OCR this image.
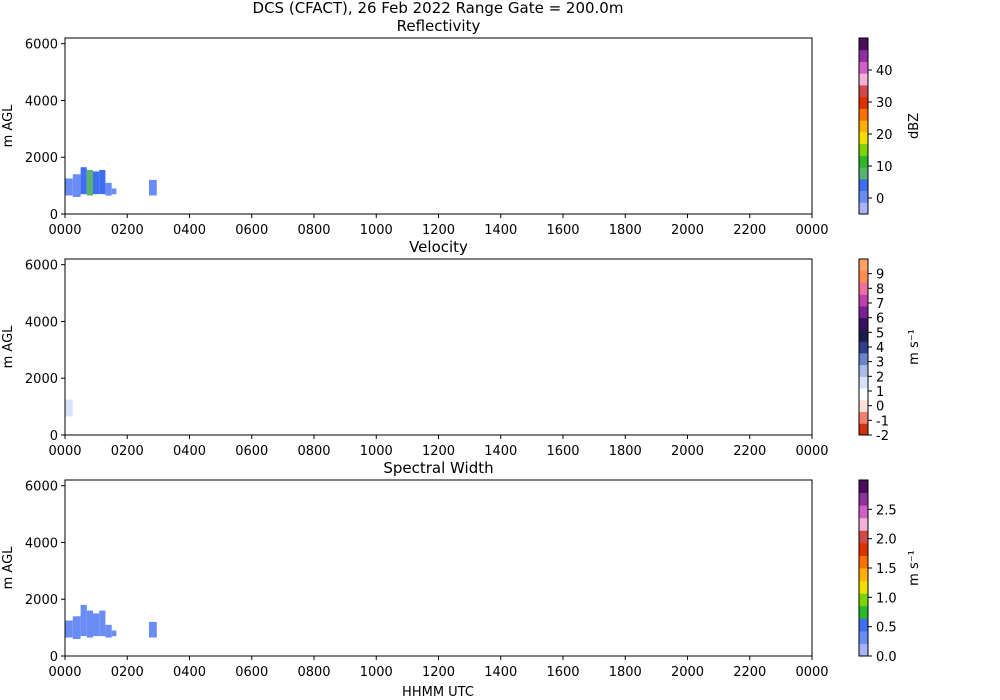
DCS (CFACT), 26 Feb 2022 Range Gate = 200.0m
HHMM UTC
Reflectivity
m AGL
0000 0200 0400 0600 0800 1000 1200 1400 1600 1800 2000 2200 0000
0
2000
4000
6000
0
10
20
30
40
dBZ
Velocity
m AGL
0000 0200 0400 0600 0800 1000 1200 1400 1600 1800 2000 2200 0000
0
2000
4000
6000
-2
-1
0
1
2
3
4
5
6
7
8
9
m s⁻¹
Spectral Width
m AGL
0000 0200 0400 0600 0800 1000 1200 1400 1600 1800 2000 2200 0000
0
2000
4000
6000
0.0
0.5
1.0
1.5
2.0
2.5
m s⁻¹
